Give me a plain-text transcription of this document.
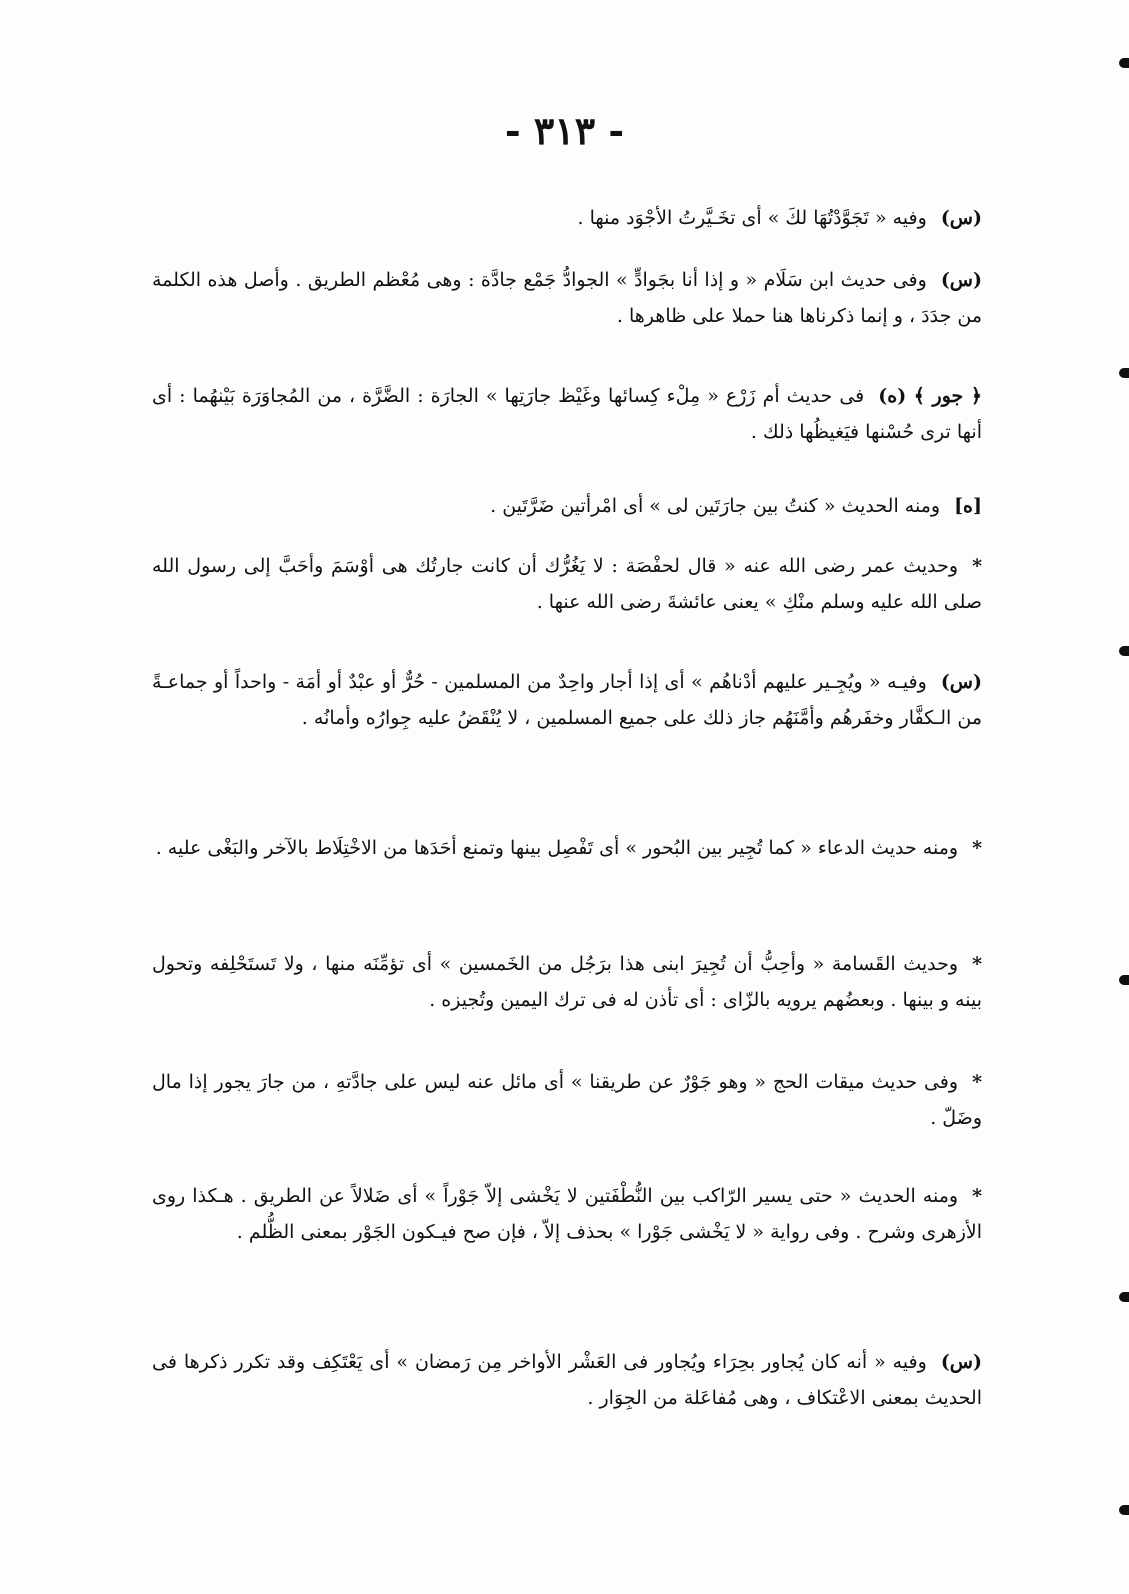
- ٣١٣ -
(س)وفيه « تَجَوَّدْتُهَا لكَ » أى تخَـيَّرتُ الأجْوَد منها .
(س)وفى حديث ابن سَلَام « و إذا أنا بجَوادٍّ » الجوادُّ جَمْع جادَّة : وهى مُعْظم الطريق . وأصل هذه الكلمة من جدَدَ ، و إنما ذكرناها هنا حملا على ظاهرها .
﴿ جور ﴾ (ه)فى حديث أم زَرْع « مِلْء كِسائها وغَيْظ جارَتِها » الجارَة : الضَّرَّة ، من المُجاوَرَة بَيْنهُما : أى أنها ترى حُسْنها فيَغيظُها ذلك .
[ه]ومنه الحديث « كنتُ بين جارَتَين لى » أى امْرأتين ضَرَّتَين .
*وحديث عمر رضى الله عنه « قال لحفْصَة : لا يَغُرُّك أن كانت جارتُك هى أوْسَمَ وأحَبَّ إلى رسول الله صلى الله عليه وسلم منْكِ » يعنى عائشةَ رضى الله عنها .
(س)وفيـه « ويُجِـير عليهم أدْناهُم » أى إذا أجار واحِدٌ من المسلمين - حُرٌّ أو عبْدٌ أو أمَة - واحداً أو جماعـةً من الـكفَّار وخفَرهُم وأمَّنَهُم جاز ذلك على جميع المسلمين ، لا يُنْقَضُ عليه جِوارُه وأمانُه .
*ومنه حديث الدعاء « كما تُجِير بين البُحور » أى تَفْصِل بينها وتمنع أحَدَها من الاخْتِلَاط بالآخر والبَغْى عليه .
*وحديث القَسامة « وأحِبُّ أن تُجِيرَ ابنى هذا برَجُل من الخَمسين » أى تؤمِّنَه منها ، ولا تَستَحْلِفه وتحول بينه و بينها . وبعضُهم يرويه بالزّاى : أى تأذن له فى ترك اليمين وتُجيزه .
*وفى حديث ميقات الحج « وهو جَوْرٌ عن طريقنا » أى مائل عنه ليس على جادَّتهِ ، من جارَ يجور إذا مال وضَلّ .
*ومنه الحديث « حتى يسير الرّاكب بين النُّطْفَتين لا يَخْشى إلاّ جَوْراً » أى ضَلالاً عن الطريق . هـكذا روى الأزهرى وشرح . وفى رواية « لا يَخْشى جَوْرا » بحذف إلاّ ، فإن صح فيـكون الجَوْر بمعنى الظُّلم .
(س)وفيه « أنه كان يُجاور بحِرَاء ويُجاور فى العَشْر الأواخر مِن رَمضان » أى يَعْتَكِف وقد تكرر ذكرها فى الحديث بمعنى الاعْتكاف ، وهى مُفاعَلة من الجِوَار .
